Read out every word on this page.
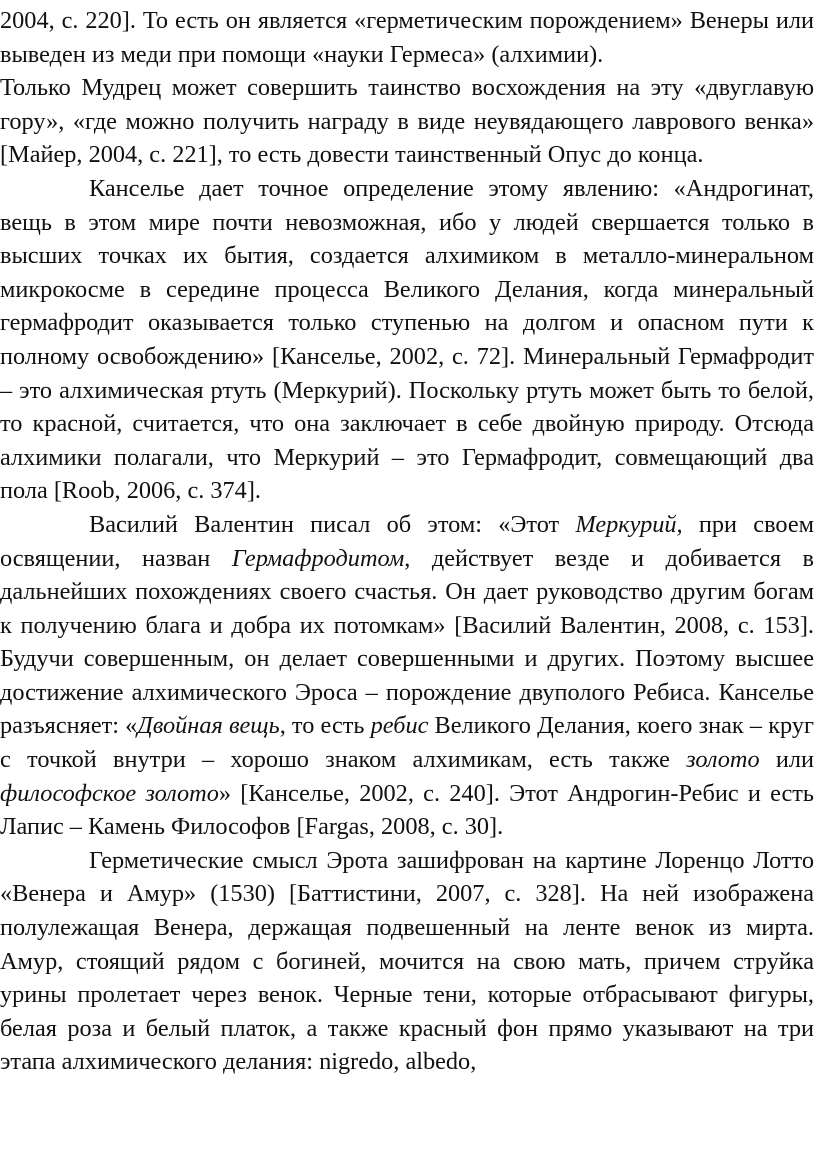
2004, с. 220]. То есть он является «герметическим порождением» Венеры или выведен из меди при помощи «науки Гермеса» (алхимии).

Только Мудрец может совершить таинство восхождения на эту «двуглавую гору», «где можно получить награду в виде неувядающего лаврового венка» [Майер, 2004, с. 221], то есть довести таинственный Опус до конца.

Канселье дает точное определение этому явлению: «Андрогинат, вещь в этом мире почти невозможная, ибо у людей свершается только в высших точках их бытия, создается алхимиком в металло-минеральном микрокосме в середине процесса Великого Делания, когда минеральный гермафродит оказывается только ступенью на долгом и опасном пути к полному освобождению» [Канселье, 2002, с. 72]. Минеральный Гермафродит – это алхимическая ртуть (Меркурий). Поскольку ртуть может быть то белой, то красной, считается, что она заключает в себе двойную природу. Отсюда алхимики полагали, что Меркурий – это Гермафродит, совмещающий два пола [Roob, 2006, с. 374].

Василий Валентин писал об этом: «Этот Меркурий, при своем освящении, назван Гермафродитом, действует везде и добивается в дальнейших похождениях своего счастья. Он дает руководство другим богам к получению блага и добра их потомкам» [Василий Валентин, 2008, с. 153]. Будучи совершенным, он делает совершенными и других. Поэтому высшее достижение алхимического Эроса – порождение двуполого Ребиса. Канселье разъясняет: «Двойная вещь, то есть ребис Великого Делания, коего знак – круг с точкой внутри – хорошо знаком алхимикам, есть также золото или философское золото» [Канселье, 2002, с. 240]. Этот Андрогин-Ребис и есть Лапис – Камень Философов [Fargas, 2008, с. 30].

Герметические смысл Эрота зашифрован на картине Лоренцо Лотто «Венера и Амур» (1530) [Баттистини, 2007, с. 328]. На ней изображена полулежащая Венера, держащая подвешенный на ленте венок из мирта. Амур, стоящий рядом с богиней, мочится на свою мать, причем струйка урины пролетает через венок. Черные тени, которые отбрасывают фигуры, белая роза и белый платок, а также красный фон прямо указывают на три этапа алхимического делания: nigredo, albedo,
